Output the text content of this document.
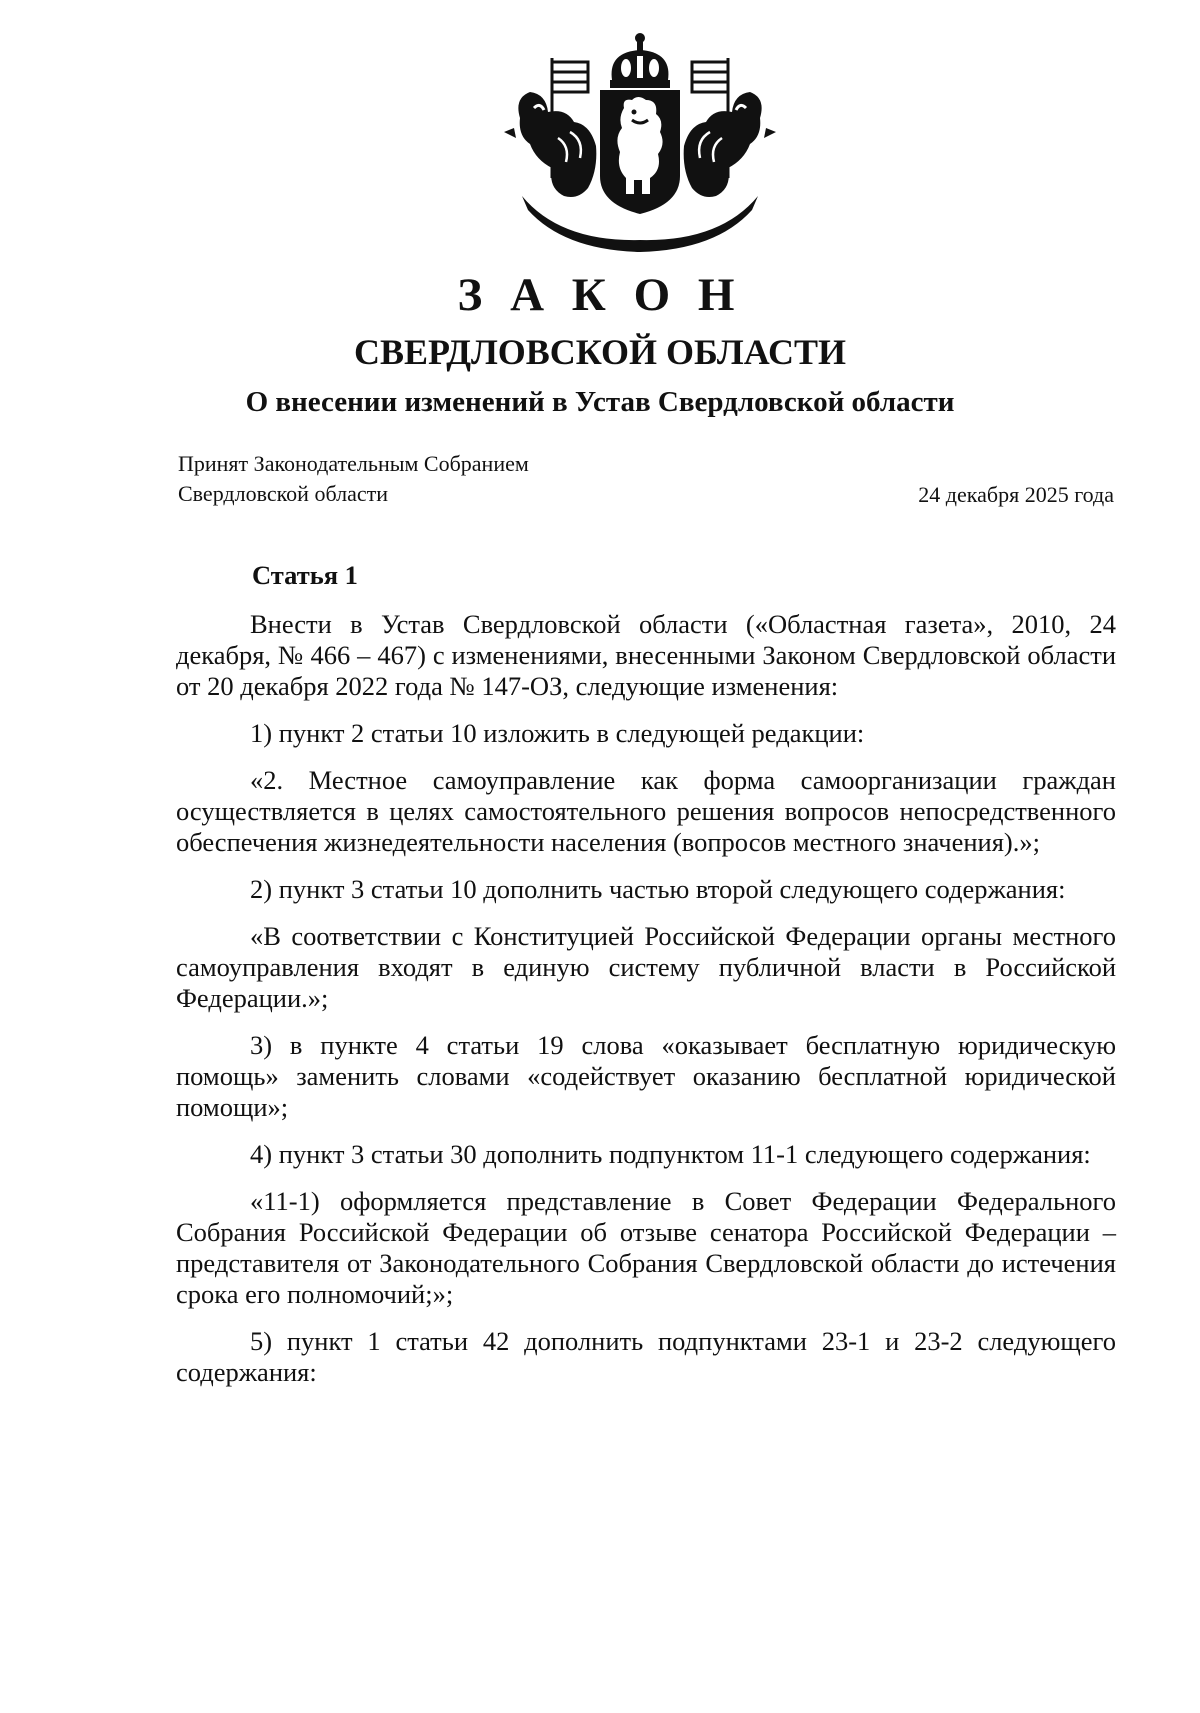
З А К О Н
СВЕРДЛОВСКОЙ ОБЛАСТИ
О внесении изменений в Устав Свердловской области
Принят Законодательным Собранием
Свердловской области	24 декабря 2025 года

Статья 1

Внести в Устав Свердловской области («Областная газета», 2010, 24 декабря, № 466 – 467) с изменениями, внесенными Законом Свердловской области от 20 декабря 2022 года № 147-ОЗ, следующие изменения:

1) пункт 2 статьи 10 изложить в следующей редакции:

«2. Местное самоуправление как форма самоорганизации граждан осуществляется в целях самостоятельного решения вопросов непосредственного обеспечения жизнедеятельности населения (вопросов местного значения).»;

2) пункт 3 статьи 10 дополнить частью второй следующего содержания:

«В соответствии с Конституцией Российской Федерации органы местного самоуправления входят в единую систему публичной власти в Российской Федерации.»;

3) в пункте 4 статьи 19 слова «оказывает бесплатную юридическую помощь» заменить словами «содействует оказанию бесплатной юридической помощи»;

4) пункт 3 статьи 30 дополнить подпунктом 11-1 следующего содержания:

«11-1) оформляется представление в Совет Федерации Федерального Собрания Российской Федерации об отзыве сенатора Российской Федерации – представителя от Законодательного Собрания Свердловской области до истечения срока его полномочий;»;

5) пункт 1 статьи 42 дополнить подпунктами 23-1 и 23-2 следующего содержания:
